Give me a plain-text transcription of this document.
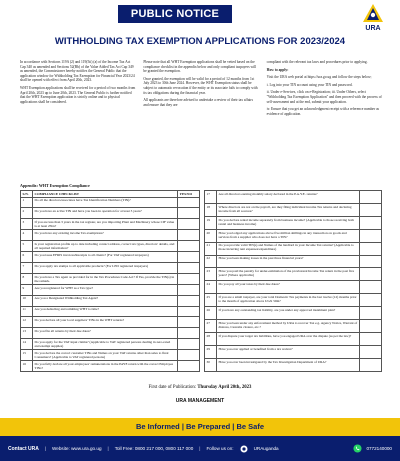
PUBLIC NOTICE
URA
WITHHOLDING TAX EXEMPTION APPLICATIONS FOR 2023/2024

In accordance with Sections 119A (2) and 119(5ii) (a) of the Income Tax Act Cap 340 as amended and Sections 52(Bb) of the Value Added Tax Act Cap 349 as amended, the Commissioner hereby notifies the General Public that the application window for Withholding Tax Exemption for Financial Year 2023/24 shall be opened with effect from April 20th, 2023.

WHT Exemption applications shall be received for a period of two months from April 20th, 2023 up to June 20th, 2023. The General Public is further notified that the WHT Exemption application is strictly online and to physical applications shall be considered.

Please note that all WHT Exemption applications shall be vetted based on the compliance checklist in the appendix below and only compliant taxpayers will be granted the exemption.

Once granted, the exemption will be valid for a period of 12 months from 1st July 2023 to 30th June 2024. However, the WHT Exemption status shall be subject to automatic revocation if the entity or its associate fails to comply with its tax obligations during the financial year.

All applicants are therefore advised to undertake a review of their tax affairs and ensure that they are

compliant with the relevant tax laws and procedures prior to applying.

How to apply:

Visit the URA web portal at https://ura.go.ug and follow the steps below;

i. Log into your TIN account using your TIN and password.

ii. Under e-Services, click on e-Registration; iii. Under Others, select "Withholding Tax Exemption Application" and then proceed with the process of self-assessment and at the end, submit your application.

iv. Ensure that you get an acknowledgment receipt with a reference number as evidence of application.

Appendix: WHT Exemption Compliance
S/N.	COMPLIANCE CHECKLIST	YES/NO
1	Do all the directors/associates have Tax Identification Numbers (TIN)?	
2	Do you have an active TIN and have you been in operation for at least 3 years?	
3	If you are less than 3 years in the tax register, are you importing Plant and Machinery whose CIF value is at least 25bn?	
4	Do you have any existing income Tax exemptions?	
5	Is your registration profile up to date including contact address, correct tax types, directors' details, and all required information?	
6	Do you issue EFRIS invoices/Receipts to all clients? (For VAT registered taxpayers)	
7	Do you apply tax stamps to all applicable products? (For LED registered taxpayers)	
8	Do you have a Tax agent as provided for in the Tax Procedures Code Act? If Yes, provide the TIN(s) in the remark.	
9	Are you registered for WHT as a Tax type?	
10	Are you a Designated Withholding Tax Agent?	
11	Are you deducting and remitting WHT to time?	
12	Do you declare all your local suppliers' TINs in the WHT returns?	
13	Do you file all returns by their due dates?	
14	Do you apply for the VAT input claims? (Applicable to VAT registered persons dealing in zero-rated and exempt supplies)	
15	Do you declare the correct customer TINs and Names on your VAT returns other than sales to final Consumers? (Applicable to VAT registered persons)	
16	Do you fully declare all your employees' remunerations in the PAYE return with the correct Employee TINs?	
17	Are all directors earning monthly salary declared in the P.A.Y.E. returns?	
18	Where directors are not on the payroll, are they filing individual income Tax returns and declaring income from all sources?	
19	Do you declare rental income separately from business income? (Applicable to those receiving both rental and business income)	
20	Have you lodged any applications above five million shillings in any transaction on goods and services from a supplier who does not have a TIN?	
21	Do you provide valid TIN(s) and Names of the landlord in your Income Tax returns? (Applicable to those incurring rent expenses/expenditure)	
22	Have you been making losses in the past three financial years?	
23	Have you paid the penalty for under-estimation of the provisional Income Tax return in the past five years? (Where applicable)	
24	Do you pay all your taxes by their due dates?	
25	If you are a small taxpayer, are your total Domestic Tax payments in the last twelve (12) months prior to the month of application above UGX 50m?	
26	If you have any outstanding tax liability, are you under any approved instalment plan?	
27	Have you been under any enforcement method by URA to recover Tax e.g. Agency Notice, Warrant of distress, Customs closure, etc.?	
28	If you dispute your target tax liabilities, have you engaged URA over the dispute (as per the law)?	
29	Have you ever applied or benefited from a tax waiver?	
30	Have you ever been investigated by the Tax Investigation Department of URA?	
First date of Publication: Thursday April 20th, 2023
URA MANAGEMENT
Be Informed | Be Prepared | Be Safe
Contact URA | Website: www.ura.go.ug | Toll Free: 0800 217 000, 0800 117 000 | Follow us on:	URAuganda	0772140000
